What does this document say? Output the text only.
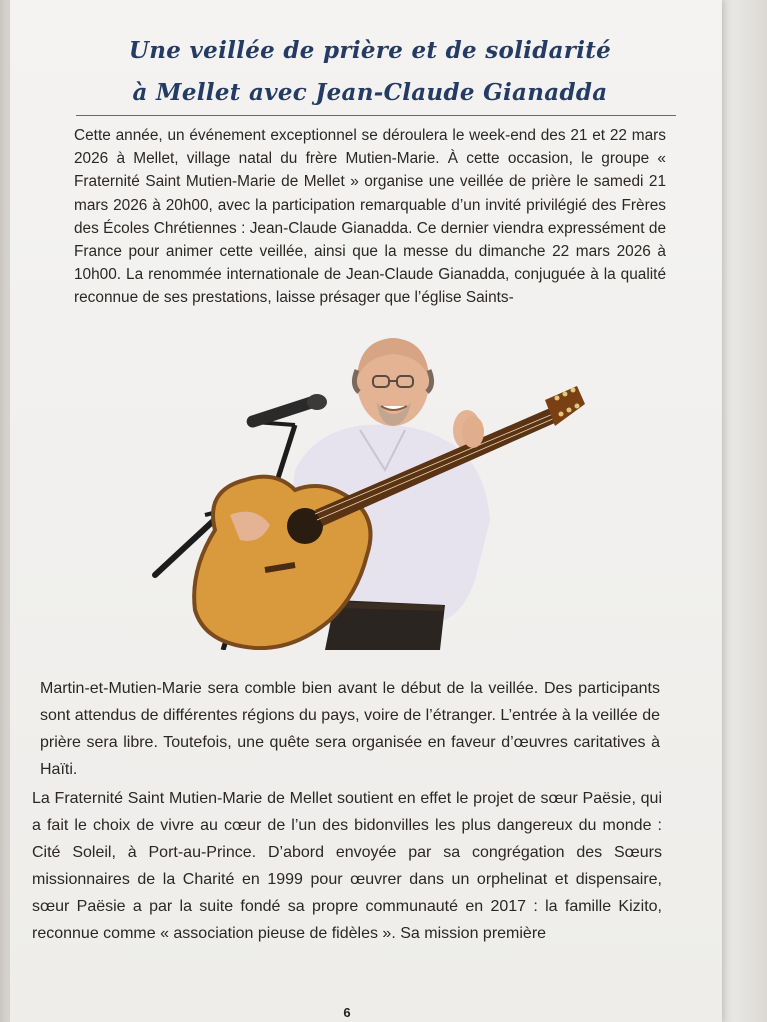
Une veillée de prière et de solidarité
à Mellet avec Jean-Claude Gianadda

Cette année, un événement exceptionnel se déroulera le week-end des 21 et 22 mars 2026 à Mellet, village natal du frère Mutien-Marie. À cette occasion, le groupe « Fraternité Saint Mutien-Marie de Mellet » organise une veillée de prière le samedi 21 mars 2026 à 20h00, avec la participation remarquable d’un invité privilégié des Frères des Écoles Chrétiennes : Jean-Claude Gianadda. Ce dernier viendra expressément de France pour animer cette veillée, ainsi que la messe du dimanche 22 mars 2026 à 10h00. La renommée internationale de Jean-Claude Gianadda, conjuguée à la qualité reconnue de ses prestations, laisse présager que l’église Saints-

Martin-et-Mutien-Marie sera comble bien avant le début de la veillée. Des participants sont attendus de différentes régions du pays, voire de l’étranger. L’entrée à la veillée de prière sera libre. Toutefois, une quête sera organisée en faveur d’œuvres caritatives à Haïti.

La Fraternité Saint Mutien-Marie de Mellet soutient en effet le projet de sœur Paësie, qui a fait le choix de vivre au cœur de l’un des bidonvilles les plus dangereux du monde : Cité Soleil, à Port-au-Prince. D’abord envoyée par sa congrégation des Sœurs missionnaires de la Charité en 1999 pour œuvrer dans un orphelinat et dispensaire, sœur Paësie a par la suite fondé sa propre communauté en 2017 : la famille Kizito, reconnue comme « association pieuse de fidèles ». Sa mission première

6
